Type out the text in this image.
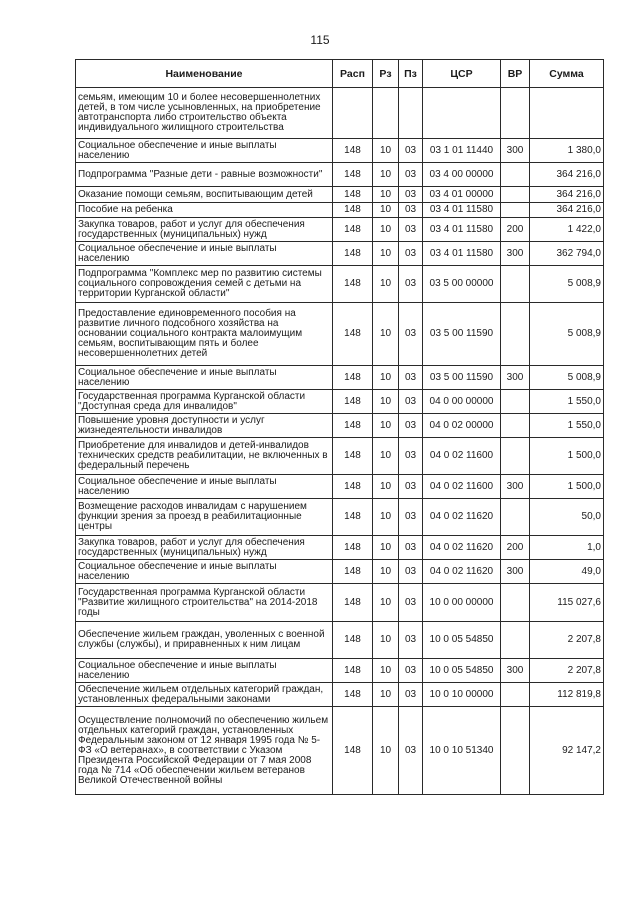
115
Наименование	Расп	Рз	Пз	ЦСР	ВР	Сумма
семьям, имеющим 10 и более несовершеннолетних детей, в том числе усыновленных, на приобретение автотранспорта либо строительство объекта индивидуального жилищного строительства						
Социальное обеспечение и иные выплаты населению	148	10	03	03 1 01 11440	300	1 380,0
Подпрограмма "Разные дети - равные возможности"	148	10	03	03 4 00 00000		364 216,0
Оказание помощи семьям, воспитывающим детей	148	10	03	03 4 01 00000		364 216,0
Пособие на ребенка	148	10	03	03 4 01 11580		364 216,0
Закупка товаров, работ и услуг для обеспечения государственных (муниципальных) нужд	148	10	03	03 4 01 11580	200	1 422,0
Социальное обеспечение и иные выплаты населению	148	10	03	03 4 01 11580	300	362 794,0
Подпрограмма "Комплекс мер по развитию системы социального сопровождения семей с детьми на территории Курганской области"	148	10	03	03 5 00 00000		5 008,9
Предоставление единовременного пособия на развитие личного подсобного хозяйства на основании социального контракта малоимущим семьям, воспитывающим пять и более несовершеннолетних детей	148	10	03	03 5 00 11590		5 008,9
Социальное обеспечение и иные выплаты населению	148	10	03	03 5 00 11590	300	5 008,9
Государственная программа Курганской области "Доступная среда для инвалидов"	148	10	03	04 0 00 00000		1 550,0
Повышение уровня доступности и услуг жизнедеятельности инвалидов	148	10	03	04 0 02 00000		1 550,0
Приобретение для инвалидов и детей-инвалидов технических средств реабилитации, не включенных в федеральный перечень	148	10	03	04 0 02 11600		1 500,0
Социальное обеспечение и иные выплаты населению	148	10	03	04 0 02 11600	300	1 500,0
Возмещение расходов инвалидам с нарушением функции зрения за проезд в реабилитационные центры	148	10	03	04 0 02 11620		50,0
Закупка товаров, работ и услуг для обеспечения государственных (муниципальных) нужд	148	10	03	04 0 02 11620	200	1,0
Социальное обеспечение и иные выплаты населению	148	10	03	04 0 02 11620	300	49,0
Государственная программа Курганской области "Развитие жилищного строительства" на 2014-2018 годы	148	10	03	10 0 00 00000		115 027,6
Обеспечение жильем граждан, уволенных с военной службы (службы), и приравненных к ним лицам	148	10	03	10 0 05 54850		2 207,8
Социальное обеспечение и иные выплаты населению	148	10	03	10 0 05 54850	300	2 207,8
Обеспечение жильем отдельных категорий граждан, установленных федеральными законами	148	10	03	10 0 10 00000		112 819,8
Осуществление полномочий по обеспечению жильем отдельных категорий граждан, установленных Федеральным законом от 12 января 1995 года № 5-ФЗ «О ветеранах», в соответствии с Указом Президента Российской Федерации от 7 мая 2008 года № 714 «Об обеспечении жильем ветеранов Великой Отечественной войны	148	10	03	10 0 10 51340		92 147,2
